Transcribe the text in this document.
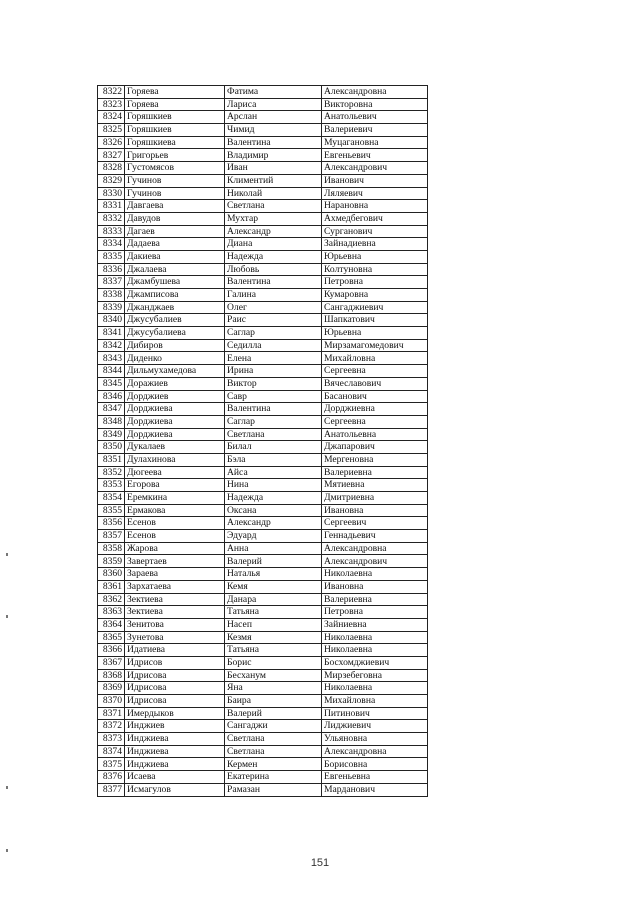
8322	Горяева	Фатима	Александровна
8323	Горяева	Лариса	Викторовна
8324	Горяшкиев	Арслан	Анатольевич
8325	Горяшкиев	Чимид	Валериевич
8326	Горяшкиева	Валентина	Муцагановна
8327	Григорьев	Владимир	Евгеньевич
8328	Густомясов	Иван	Александрович
8329	Гучинов	Климентий	Иванович
8330	Гучинов	Николай	Ляляевич
8331	Давгаева	Светлана	Нарановна
8332	Давудов	Мухтар	Ахмедбегович
8333	Дагаев	Александр	Сурганович
8334	Дадаева	Диана	Зайнадиевна
8335	Дакиева	Надежда	Юрьевна
8336	Джалаева	Любовь	Колтуновна
8337	Джамбушева	Валентина	Петровна
8338	Джамписова	Галина	Кумаровна
8339	Джанджаев	Олег	Сангаджиевич
8340	Джусубалиев	Раис	Шапкатович
8341	Джусубалиева	Саглар	Юрьевна
8342	Дибиров	Седилла	Мирзамагомедович
8343	Диденко	Елена	Михайловна
8344	Дильмухамедова	Ирина	Сергеевна
8345	Доражиев	Виктор	Вячеславович
8346	Дорджиев	Савр	Басанович
8347	Дорджиева	Валентина	Дорджиевна
8348	Дорджиева	Саглар	Сергеевна
8349	Дорджиева	Светлана	Анатольевна
8350	Дукалаев	Билал	Джапарович
8351	Дулахинова	Бэла	Мергеновна
8352	Дюгеева	Айса	Валериевна
8353	Егорова	Нина	Мятиевна
8354	Еремкина	Надежда	Дмитриевна
8355	Ермакова	Оксана	Ивановна
8356	Есенов	Александр	Сергеевич
8357	Есенов	Эдуард	Геннадьевич
8358	Жарова	Анна	Александровна
8359	Завертаев	Валерий	Александрович
8360	Зараева	Наталья	Николаевна
8361	Зархатаева	Кемя	Ивановна
8362	Зектиева	Данара	Валериевна
8363	Зектиева	Татьяна	Петровна
8364	Зенитова	Насеп	Зайниевна
8365	Зунетова	Кезмя	Николаевна
8366	Идатиева	Татьяна	Николаевна
8367	Идрисов	Борис	Босхомджиевич
8368	Идрисова	Бесханум	Мирзебеговна
8369	Идрисова	Яна	Николаевна
8370	Идрисова	Баира	Михайловна
8371	Имердыков	Валерий	Питинович
8372	Инджиев	Сангаджи	Лиджиевич
8373	Инджиева	Светлана	Ульяновна
8374	Инджиева	Светлана	Александровна
8375	Инджиева	Кермен	Борисовна
8376	Исаева	Екатерина	Евгеньевна
8377	Исмагулов	Рамазан	Марданович
151
